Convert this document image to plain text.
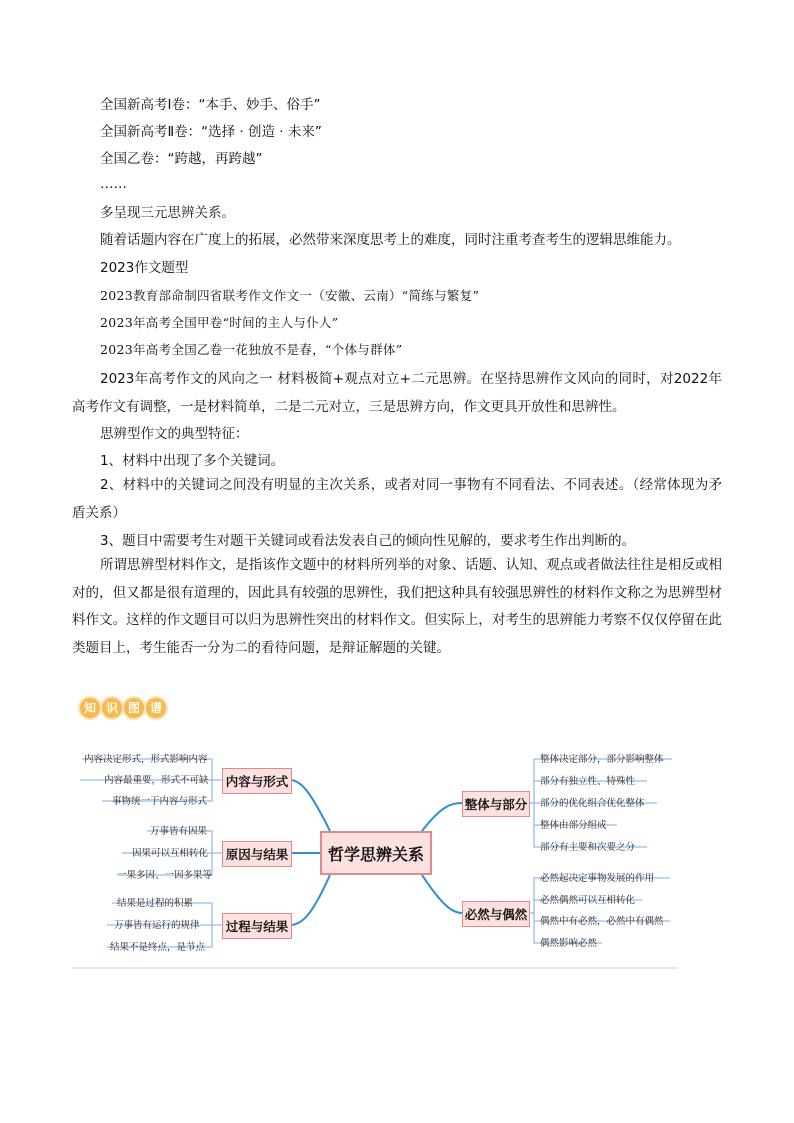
全国新高考Ⅰ卷：“本手、妙手、俗手”
全国新高考Ⅱ卷：“选择 · 创造 · 未来”
全国乙卷：“跨越，再跨越”
……
多呈现三元思辨关系。
随着话题内容在广度上的拓展，必然带来深度思考上的难度，同时注重考查考生的逻辑思维能力。
2023作文题型
2023教育部命制四省联考作文作文一（安徽、云南）“简练与繁复”
2023年高考全国甲卷“时间的主人与仆人”
2023年高考全国乙卷一花独放不是春，“个体与群体”
2023年高考作文的风向之一 材料极简+观点对立+二元思辨。在坚持思辨作文风向的同时，对2022年高考作文有调整，一是材料简单，二是二元对立，三是思辨方向，作文更具开放性和思辨性。
思辨型作文的典型特征：
1、材料中出现了多个关键词。
2、材料中的关键词之间没有明显的主次关系，或者对同一事物有不同看法、不同表述。（经常体现为矛盾关系）
3、题目中需要考生对题干关键词或看法发表自己的倾向性见解的，要求考生作出判断的。
所谓思辨型材料作文，是指该作文题中的材料所列举的对象、话题、认知、观点或者做法往往是相反或相对的，但又都是很有道理的，因此具有较强的思辨性，我们把这种具有较强思辨性的材料作文称之为思辨型材料作文。这样的作文题目可以归为思辨性突出的材料作文。但实际上，对考生的思辨能力考察不仅仅停留在此类题目上，考生能否一分为二的看待问题，是辩证解题的关键。
知 识 图 谱
内容决定形式，形式影响内容
内容最重要，形式不可缺
事物统一于内容与形式
万事皆有因果
因果可以互相转化
一果多因、一因多果等
结果是过程的积累
万事皆有运行的规律
结果不是终点，是节点
内容与形式
原因与结果
过程与结果
哲学思辨关系
整体与部分
必然与偶然
整体决定部分，部分影响整体
部分有独立性、特殊性
部分的优化组合优化整体
整体由部分组成
部分有主要和次要之分
必然起决定事物发展的作用
必然偶然可以互相转化
偶然中有必然，必然中有偶然
偶然影响必然
